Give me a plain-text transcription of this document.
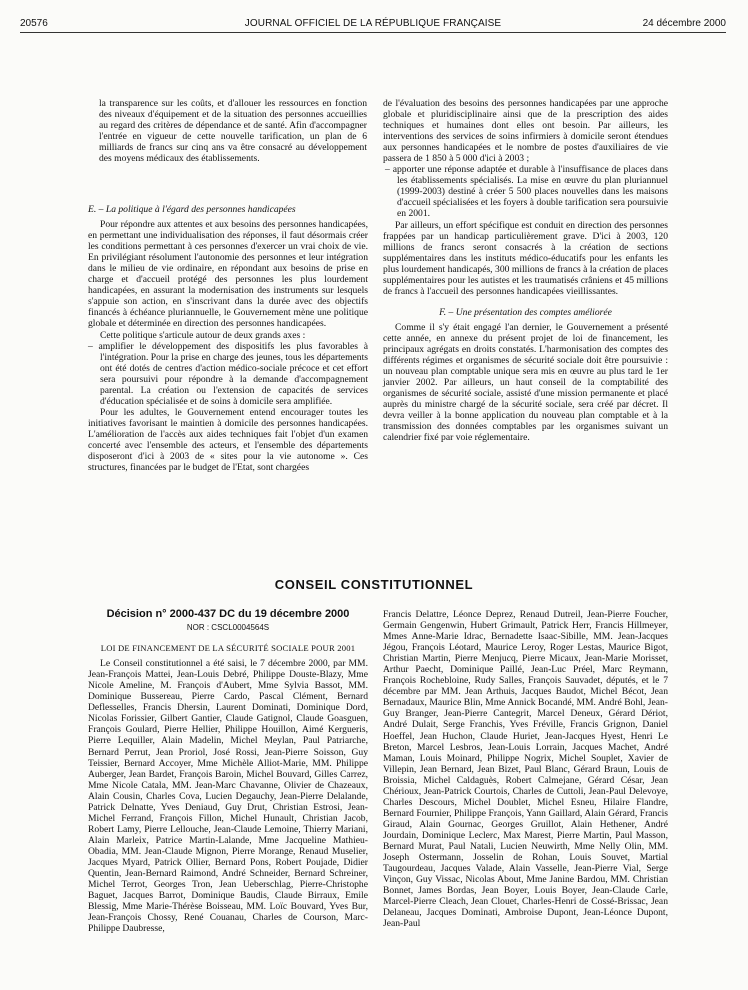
20576	JOURNAL OFFICIEL DE LA RÉPUBLIQUE FRANÇAISE	24 décembre 2000

la transparence sur les coûts, et d'allouer les ressources en fonction des niveaux d'équipement et de la situation des personnes accueillies au regard des critères de dépendance et de santé. Afin d'accompagner l'entrée en vigueur de cette nouvelle tarification, un plan de 6 milliards de francs sur cinq ans va être consacré au développement des moyens médicaux des établissements.

E. – La politique à l'égard des personnes handicapées

Pour répondre aux attentes et aux besoins des personnes handicapées, en permettant une individualisation des réponses, il faut désormais créer les conditions permettant à ces personnes d'exercer un vrai choix de vie. En privilégiant résolument l'autonomie des personnes et leur intégration dans le milieu de vie ordinaire, en répondant aux besoins de prise en charge et d'accueil protégé des personnes les plus lourdement handicapées, en assurant la modernisation des instruments sur lesquels s'appuie son action, en s'inscrivant dans la durée avec des objectifs financés à échéance pluriannuelle, le Gouvernement mène une politique globale et déterminée en direction des personnes handicapées.

Cette politique s'articule autour de deux grands axes :

– amplifier le développement des dispositifs les plus favorables à l'intégration. Pour la prise en charge des jeunes, tous les départements ont été dotés de centres d'action médico-sociale précoce et cet effort sera poursuivi pour répondre à la demande d'accompagnement parental. La création ou l'extension de capacités de services d'éducation spécialisée et de soins à domicile sera amplifiée.

Pour les adultes, le Gouvernement entend encourager toutes les initiatives favorisant le maintien à domicile des personnes handicapées. L'amélioration de l'accès aux aides techniques fait l'objet d'un examen concerté avec l'ensemble des acteurs, et l'ensemble des départements disposeront d'ici à 2003 de « sites pour la vie autonome ». Ces structures, financées par le budget de l'Etat, sont chargées

de l'évaluation des besoins des personnes handicapées par une approche globale et pluridisciplinaire ainsi que de la prescription des aides techniques et humaines dont elles ont besoin. Par ailleurs, les interventions des services de soins infirmiers à domicile seront étendues aux personnes handicapées et le nombre de postes d'auxiliaires de vie passera de 1 850 à 5 000 d'ici à 2003 ;

– apporter une réponse adaptée et durable à l'insuffisance de places dans les établissements spécialisés. La mise en œuvre du plan pluriannuel (1999-2003) destiné à créer 5 500 places nouvelles dans les maisons d'accueil spécialisées et les foyers à double tarification sera poursuivie en 2001.

Par ailleurs, un effort spécifique est conduit en direction des personnes frappées par un handicap particulièrement grave. D'ici à 2003, 120 millions de francs seront consacrés à la création de sections supplémentaires dans les instituts médico-éducatifs pour les enfants les plus lourdement handicapés, 300 millions de francs à la création de places supplémentaires pour les autistes et les traumatisés crâniens et 45 millions de francs à l'accueil des personnes handicapées vieillissantes.

F. – Une présentation des comptes améliorée

Comme il s'y était engagé l'an dernier, le Gouvernement a présenté cette année, en annexe du présent projet de loi de financement, les principaux agrégats en droits constatés. L'harmonisation des comptes des différents régimes et organismes de sécurité sociale doit être poursuivie : un nouveau plan comptable unique sera mis en œuvre au plus tard le 1er janvier 2002. Par ailleurs, un haut conseil de la comptabilité des organismes de sécurité sociale, assisté d'une mission permanente et placé auprès du ministre chargé de la sécurité sociale, sera créé par décret. Il devra veiller à la bonne application du nouveau plan comptable et à la transmission des données comptables par les organismes suivant un calendrier fixé par voie réglementaire.

CONSEIL CONSTITUTIONNEL
Décision n° 2000-437 DC du 19 décembre 2000
NOR : CSCL0004564S
LOI DE FINANCEMENT DE LA SÉCURITÉ SOCIALE POUR 2001

Le Conseil constitutionnel a été saisi, le 7 décembre 2000, par MM. Jean-François Mattei, Jean-Louis Debré, Philippe Douste-Blazy, Mme Nicole Ameline, M. François d'Aubert, Mme Sylvia Bassot, MM. Dominique Bussereau, Pierre Cardo, Pascal Clément, Bernard Deflesselles, Francis Dhersin, Laurent Dominati, Dominique Dord, Nicolas Forissier, Gilbert Gantier, Claude Gatignol, Claude Goasguen, François Goulard, Pierre Hellier, Philippe Houillon, Aimé Kergueris, Pierre Lequiller, Alain Madelin, Michel Meylan, Paul Patriarche, Bernard Perrut, Jean Proriol, José Rossi, Jean-Pierre Soisson, Guy Teissier, Bernard Accoyer, Mme Michèle Alliot-Marie, MM. Philippe Auberger, Jean Bardet, François Baroin, Michel Bouvard, Gilles Carrez, Mme Nicole Catala, MM. Jean-Marc Chavanne, Olivier de Chazeaux, Alain Cousin, Charles Cova, Lucien Degauchy, Jean-Pierre Delalande, Patrick Delnatte, Yves Deniaud, Guy Drut, Christian Estrosi, Jean-Michel Ferrand, François Fillon, Michel Hunault, Christian Jacob, Robert Lamy, Pierre Lellouche, Jean-Claude Lemoine, Thierry Mariani, Alain Marleix, Patrice Martin-Lalande, Mme Jacqueline Mathieu-Obadia, MM. Jean-Claude Mignon, Pierre Morange, Renaud Muselier, Jacques Myard, Patrick Ollier, Bernard Pons, Robert Poujade, Didier Quentin, Jean-Bernard Raimond, André Schneider, Bernard Schreiner, Michel Terrot, Georges Tron, Jean Ueberschlag, Pierre-Christophe Baguet, Jacques Barrot, Dominique Baudis, Claude Birraux, Emile Blessig, Mme Marie-Thérèse Boisseau, MM. Loïc Bouvard, Yves Bur, Jean-François Chossy, René Couanau, Charles de Courson, Marc-Philippe Daubresse,

Francis Delattre, Léonce Deprez, Renaud Dutreil, Jean-Pierre Foucher, Germain Gengenwin, Hubert Grimault, Patrick Herr, Francis Hillmeyer, Mmes Anne-Marie Idrac, Bernadette Isaac-Sibille, MM. Jean-Jacques Jégou, François Léotard, Maurice Leroy, Roger Lestas, Maurice Bigot, Christian Martin, Pierre Menjucq, Pierre Micaux, Jean-Marie Morisset, Arthur Paecht, Dominique Paillé, Jean-Luc Préel, Marc Reymann, François Rochebloine, Rudy Salles, François Sauvadet, députés, et le 7 décembre par MM. Jean Arthuis, Jacques Baudot, Michel Bécot, Jean Bernadaux, Maurice Blin, Mme Annick Bocandé, MM. André Bohl, Jean-Guy Branger, Jean-Pierre Cantegrit, Marcel Deneux, Gérard Dériot, André Dulait, Serge Franchis, Yves Fréville, Francis Grignon, Daniel Hoeffel, Jean Huchon, Claude Huriet, Jean-Jacques Hyest, Henri Le Breton, Marcel Lesbros, Jean-Louis Lorrain, Jacques Machet, André Maman, Louis Moinard, Philippe Nogrix, Michel Souplet, Xavier de Villepin, Jean Bernard, Jean Bizet, Paul Blanc, Gérard Braun, Louis de Broissia, Michel Caldaguès, Robert Calmejane, Gérard César, Jean Chérioux, Jean-Patrick Courtois, Charles de Cuttoli, Jean-Paul Delevoye, Charles Descours, Michel Doublet, Michel Esneu, Hilaire Flandre, Bernard Fournier, Philippe François, Yann Gaillard, Alain Gérard, Francis Giraud, Alain Gournac, Georges Gruillot, Alain Hethener, André Jourdain, Dominique Leclerc, Max Marest, Pierre Martin, Paul Masson, Bernard Murat, Paul Natali, Lucien Neuwirth, Mme Nelly Olin, MM. Joseph Ostermann, Josselin de Rohan, Louis Souvet, Martial Taugourdeau, Jacques Valade, Alain Vasselle, Jean-Pierre Vial, Serge Vinçon, Guy Vissac, Nicolas About, Mme Janine Bardou, MM. Christian Bonnet, James Bordas, Jean Boyer, Louis Boyer, Jean-Claude Carle, Marcel-Pierre Cleach, Jean Clouet, Charles-Henri de Cossé-Brissac, Jean Delaneau, Jacques Dominati, Ambroise Dupont, Jean-Léonce Dupont, Jean-Paul
